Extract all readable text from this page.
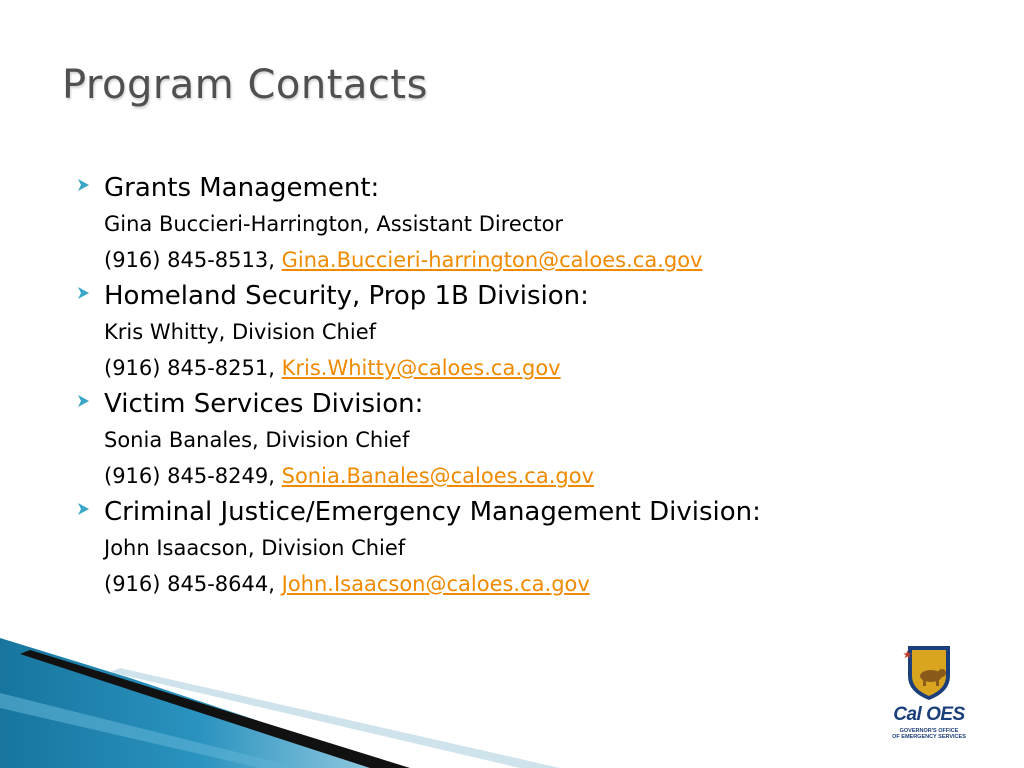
Program Contacts
Grants Management:
Gina Buccieri-Harrington, Assistant Director
(916) 845-8513, Gina.Buccieri-harrington@caloes.ca.gov
Homeland Security, Prop 1B Division:
Kris Whitty, Division Chief
(916) 845-8251, Kris.Whitty@caloes.ca.gov
Victim Services Division:
Sonia Banales, Division Chief
(916) 845-8249, Sonia.Banales@caloes.ca.gov
Criminal Justice/Emergency Management Division:
John Isaacson, Division Chief
(916) 845-8644, John.Isaacson@caloes.ca.gov
Cal OES
GOVERNOR'S OFFICE
OF EMERGENCY SERVICES
